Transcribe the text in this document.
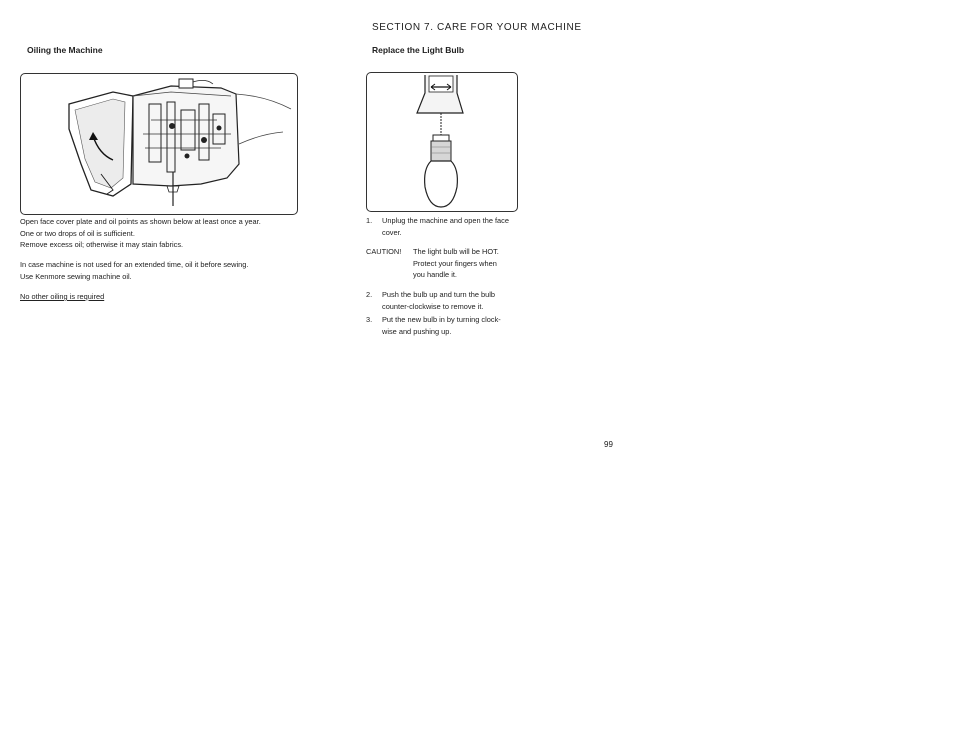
SECTION 7. CARE FOR YOUR MACHINE
Oiling the Machine
Open face cover plate and oil points as shown below at least once a year.
One or two drops of oil is sufficient.
Remove excess oil; otherwise it may stain fabrics.
In case machine is not used for an extended time, oil it before sewing.
Use Kenmore sewing machine oil.
No other oiling is required
Replace the Light Bulb
1.	Unplug the machine and open the face
cover.
CAUTION! The light bulb will be HOT.
Protect your fingers when
you handle it.
2.	Push the bulb up and turn the bulb
counter-clockwise to remove it.
3.	Put the new bulb in by turning clock-
wise and pushing up.
99
